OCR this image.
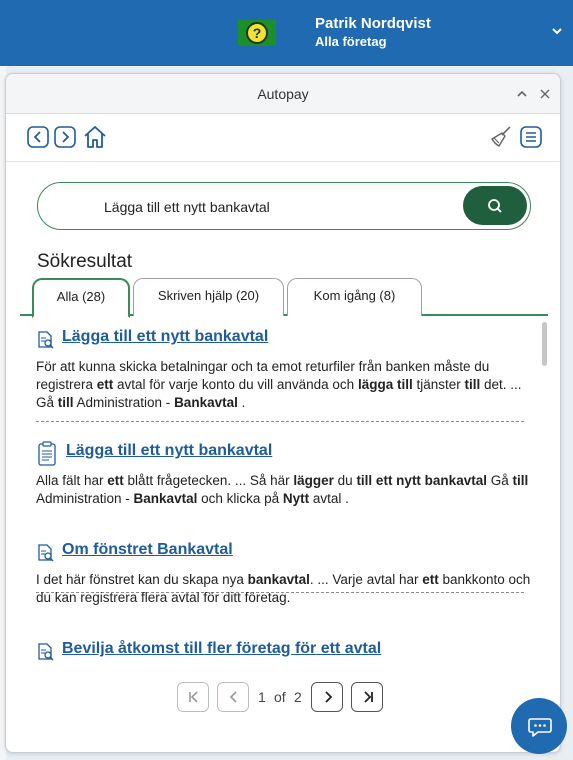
?
Patrik Nordqvist
Alla företag
Autopay
Lägga till ett nytt bankavtal
Sökresultat
Alla (28)	Skriven hjälp (20)	Kom igång (8)
Lägga till ett nytt bankavtal
För att kunna skicka betalningar och ta emot returfiler från banken måste du registrera ett avtal för varje konto du vill använda och lägga till tjänster till det. ... Gå till Administration - Bankavtal .
Lägga till ett nytt bankavtal
Alla fält har ett blått frågetecken. ... Så här lägger du till ett nytt bankavtal Gå till Administration - Bankavtal och klicka på Nytt avtal .
Om fönstret Bankavtal
I det här fönstret kan du skapa nya bankavtal. ... Varje avtal har ett bankkonto och du kan registrera flera avtal för ditt företag.
Bevilja åtkomst till fler företag för ett avtal
1 of 2
